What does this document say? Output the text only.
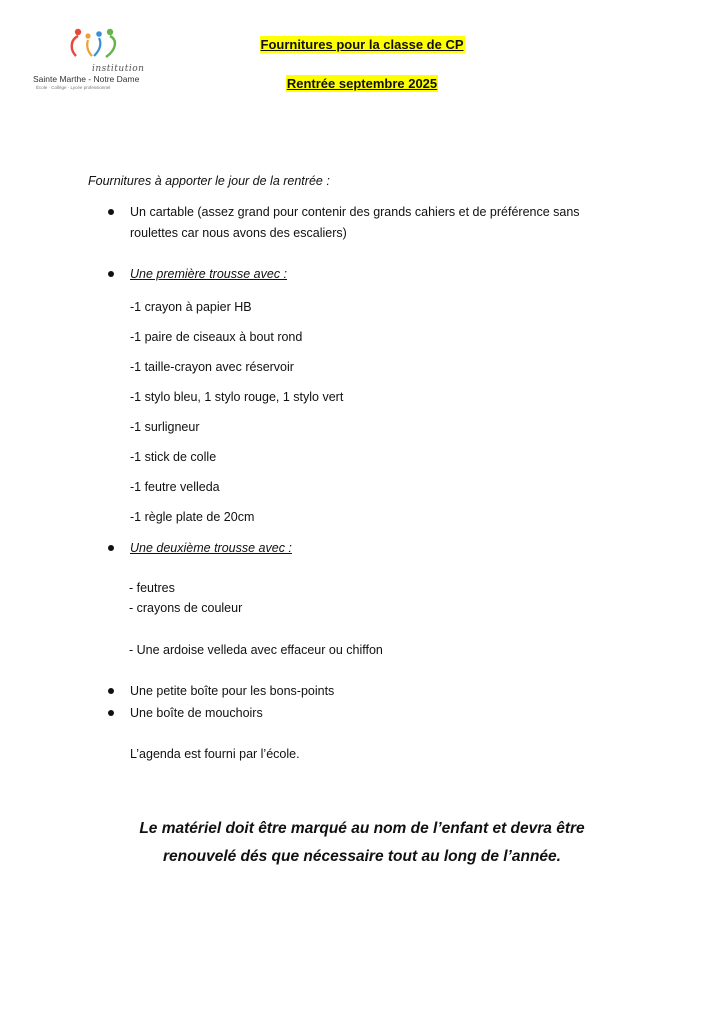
institution
Sainte Marthe - Notre Dame
École · Collège · Lycée professionnel
Fournitures pour la classe de CP
Rentrée septembre 2025
Fournitures à apporter le jour de la rentrée :
Un cartable (assez grand pour contenir des grands cahiers et de préférence sans
roulettes car nous avons des escaliers)
Une première trousse avec :
-1 crayon à papier HB
-1 paire de ciseaux à bout rond
-1 taille-crayon avec réservoir
-1 stylo bleu, 1 stylo rouge, 1 stylo vert
-1 surligneur
-1 stick de colle
-1 feutre velleda
-1 règle plate de 20cm
Une deuxième trousse avec :
- feutres
- crayons de couleur
- Une ardoise velleda avec effaceur ou chiffon
Une petite boîte pour les bons-points
Une boîte de mouchoirs
L’agenda est fourni par l’école.
Le matériel doit être marqué au nom de l’enfant et devra être
renouvelé dés que nécessaire tout au long de l’année.
